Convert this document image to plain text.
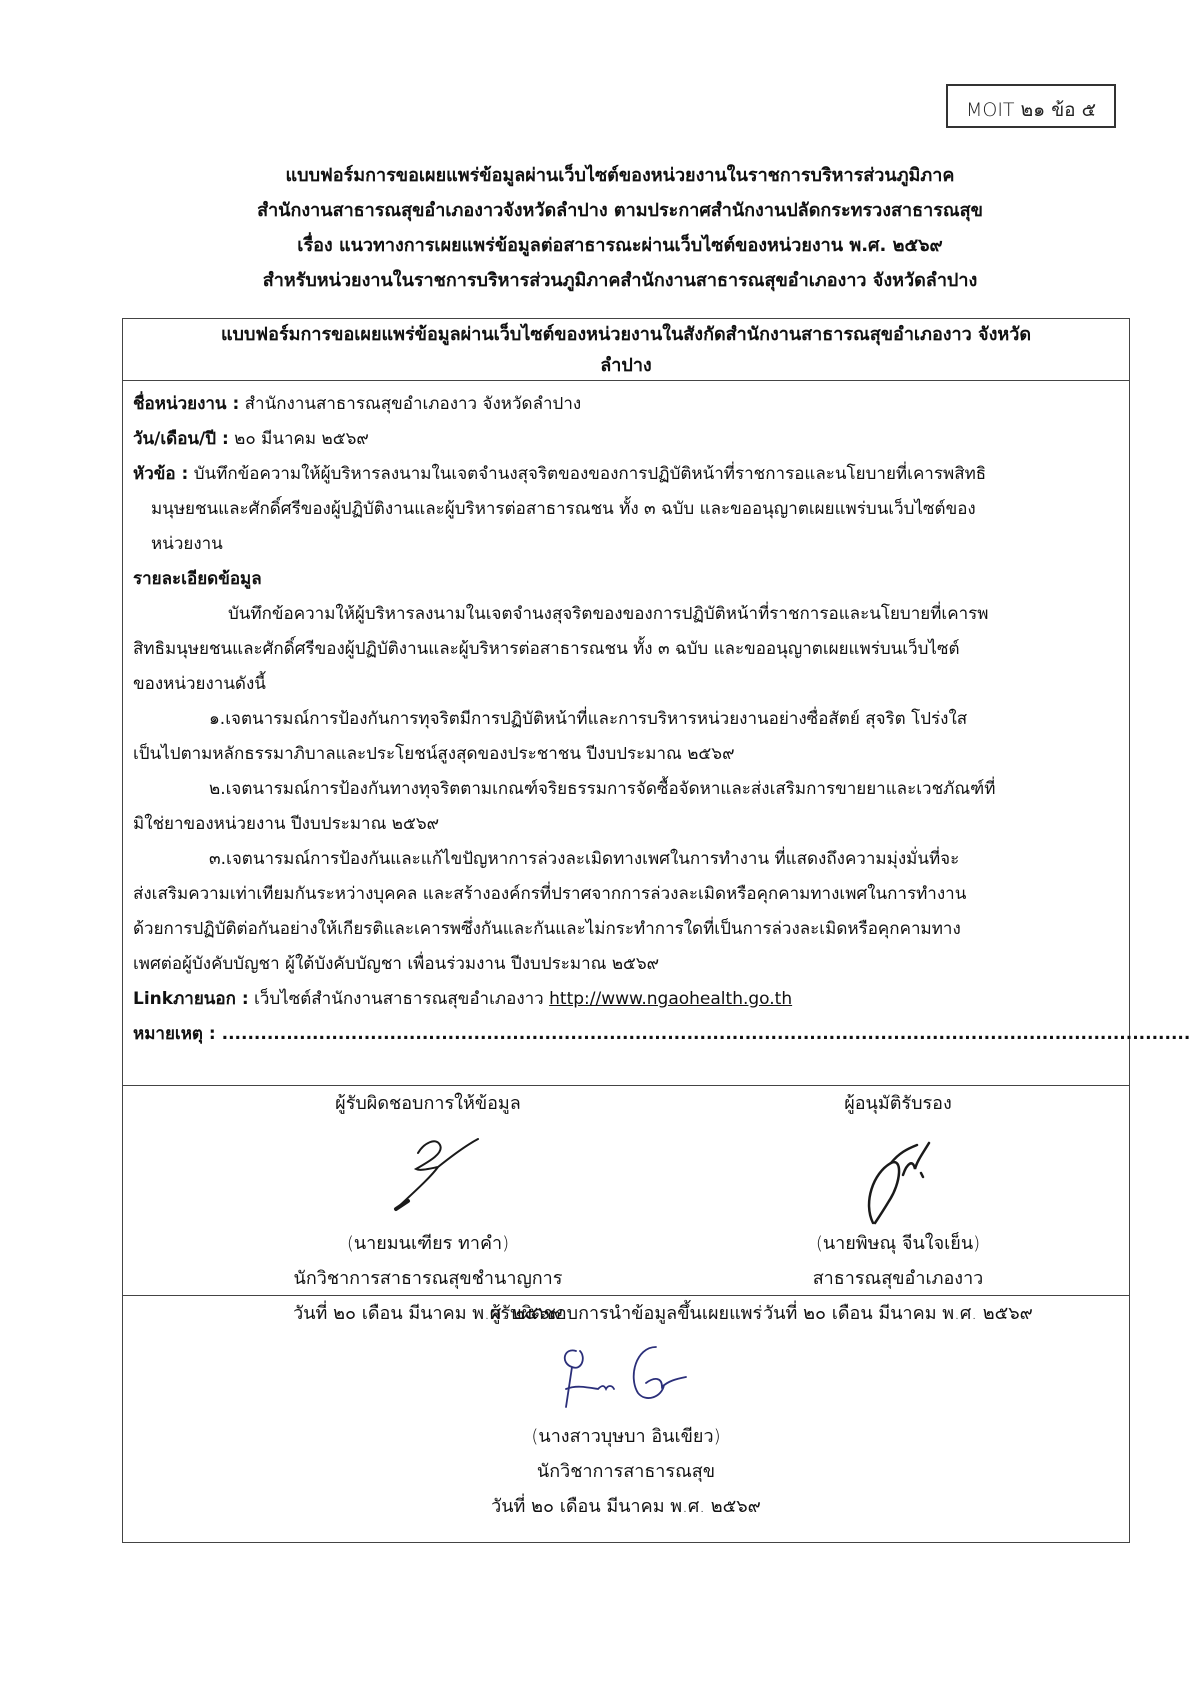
MOIT ๒๑ ข้อ ๕
แบบฟอร์มการขอเผยแพร่ข้อมูลผ่านเว็บไซต์ของหน่วยงานในราชการบริหารส่วนภูมิภาค
สำนักงานสาธารณสุขอำเภองาวจังหวัดลำปาง ตามประกาศสำนักงานปลัดกระทรวงสาธารณสุข
เรื่อง แนวทางการเผยแพร่ข้อมูลต่อสาธารณะผ่านเว็บไซต์ของหน่วยงาน พ.ศ. ๒๕๖๙
สำหรับหน่วยงานในราชการบริหารส่วนภูมิภาคสำนักงานสาธารณสุขอำเภองาว จังหวัดลำปาง
แบบฟอร์มการขอเผยแพร่ข้อมูลผ่านเว็บไซต์ของหน่วยงานในสังกัดสำนักงานสาธารณสุขอำเภองาว จังหวัด
ลำปาง
ชื่อหน่วยงาน : สำนักงานสาธารณสุขอำเภองาว จังหวัดลำปาง
วัน/เดือน/ปี : ๒๐ มีนาคม ๒๕๖๙
หัวข้อ : บันทึกข้อความให้ผู้บริหารลงนามในเจตจำนงสุจริตของของการปฏิบัติหน้าที่ราชการอและนโยบายที่เคารพสิทธิ
มนุษยชนและศักดิ์ศรีของผู้ปฏิบัติงานและผู้บริหารต่อสาธารณชน ทั้ง ๓ ฉบับ และขออนุญาตเผยแพร่บนเว็บไซต์ของ
หน่วยงาน
รายละเอียดข้อมูล
บันทึกข้อความให้ผู้บริหารลงนามในเจตจำนงสุจริตของของการปฏิบัติหน้าที่ราชการอและนโยบายที่เคารพ
สิทธิมนุษยชนและศักดิ์ศรีของผู้ปฏิบัติงานและผู้บริหารต่อสาธารณชน ทั้ง ๓ ฉบับ และขออนุญาตเผยแพร่บนเว็บไซต์
ของหน่วยงานดังนี้
๑.เจตนารมณ์การป้องกันการทุจริตมีการปฏิบัติหน้าที่และการบริหารหน่วยงานอย่างซื่อสัตย์ สุจริต โปร่งใส
เป็นไปตามหลักธรรมาภิบาลและประโยชน์สูงสุดของประชาชน ปีงบประมาณ ๒๕๖๙
๒.เจตนารมณ์การป้องกันทางทุจริตตามเกณฑ์จริยธรรมการจัดซื้อจัดหาและส่งเสริมการขายยาและเวชภัณฑ์ที่
มิใช่ยาของหน่วยงาน ปีงบประมาณ ๒๕๖๙
๓.เจตนารมณ์การป้องกันและแก้ไขปัญหาการล่วงละเมิดทางเพศในการทำงาน ที่แสดงถึงความมุ่งมั่นที่จะ
ส่งเสริมความเท่าเทียมกันระหว่างบุคคล และสร้างองค์กรที่ปราศจากการล่วงละเมิดหรือคุกคามทางเพศในการทำงาน
ด้วยการปฏิบัติต่อกันอย่างให้เกียรติและเคารพซึ่งกันและกันและไม่กระทำการใดที่เป็นการล่วงละเมิดหรือคุกคามทาง
เพศต่อผู้บังคับบัญชา ผู้ใต้บังคับบัญชา เพื่อนร่วมงาน ปีงบประมาณ ๒๕๖๙
Linkภายนอก : เว็บไซต์สำนักงานสาธารณสุขอำเภองาว http://www.ngaohealth.go.th
หมายเหตุ : ......................................................................................................................................................
ผู้รับผิดชอบการให้ข้อมูล
(นายมนเฑียร ทาคำ)
นักวิชาการสาธารณสุขชำนาญการ
วันที่ ๒๐ เดือน มีนาคม พ.ศ. ๒๕๖๙
ผู้อนุมัติรับรอง
(นายพิษณุ จีนใจเย็น)
สาธารณสุขอำเภองาว
วันที่ ๒๐ เดือน มีนาคม พ.ศ. ๒๕๖๙
ผู้รับผิดชอบการนำข้อมูลขึ้นเผยแพร่
(นางสาวบุษบา อินเขียว)
นักวิชาการสาธารณสุข
วันที่ ๒๐ เดือน มีนาคม พ.ศ. ๒๕๖๙
